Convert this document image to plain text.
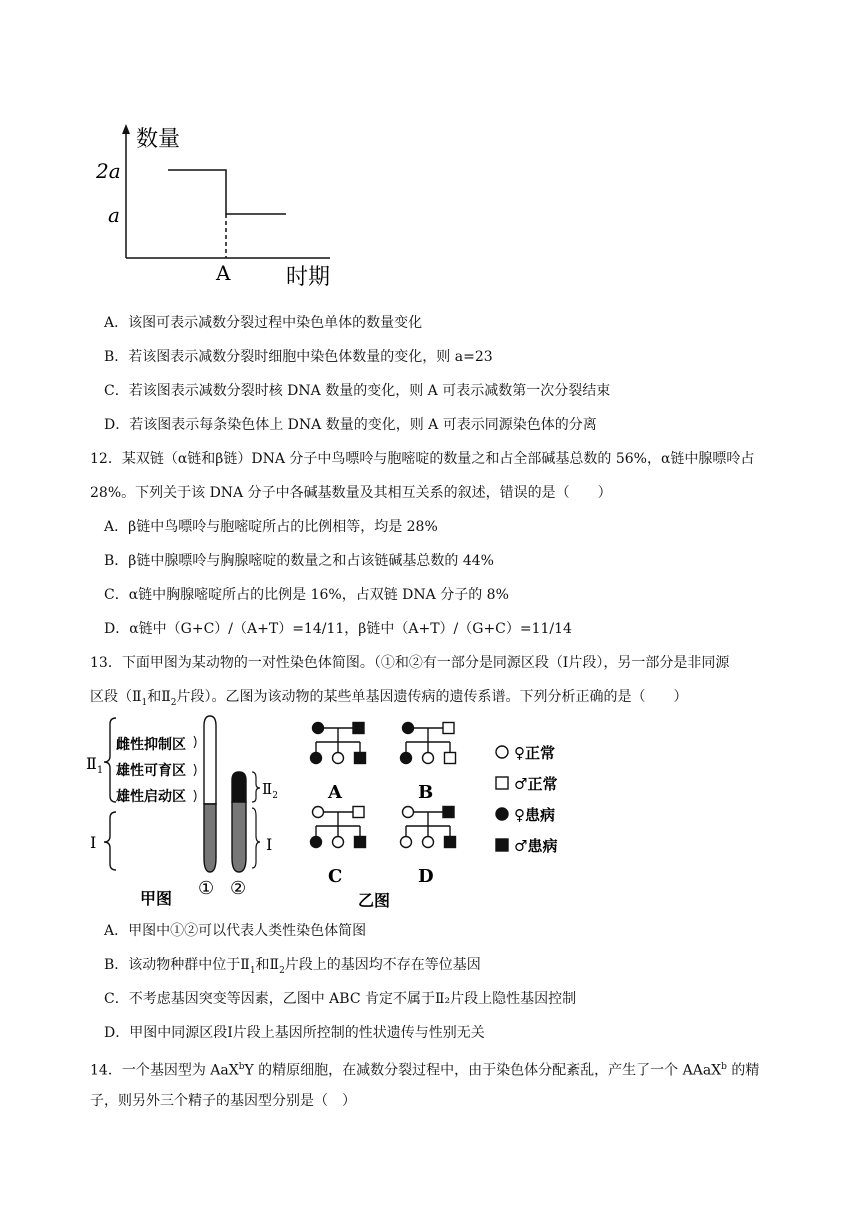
数量
2a
a
A	时期
A．该图可表示减数分裂过程中染色单体的数量变化
B．若该图表示减数分裂时细胞中染色体数量的变化，则 a=23
C．若该图表示减数分裂时核 DNA 数量的变化，则 A 可表示减数第一次分裂结束
D．若该图表示每条染色体上 DNA 数量的变化，则 A 可表示同源染色体的分离
12．某双链（α链和β链）DNA 分子中鸟嘌呤与胞嘧啶的数量之和占全部碱基总数的 56%，α链中腺嘌呤占
28%。下列关于该 DNA 分子中各碱基数量及其相互关系的叙述，错误的是（　　）
A．β链中鸟嘌呤与胞嘧啶所占的比例相等，均是 28%
B．β链中腺嘌呤与胸腺嘧啶的数量之和占该链碱基总数的 44%
C．α链中胸腺嘧啶所占的比例是 16%，占双链 DNA 分子的 8%
D．α链中（G+C）/（A+T）=14/11，β链中（A+T）/（G+C）=11/14
13．下面甲图为某动物的一对性染色体简图。（①和②有一部分是同源区段（Ⅰ片段），另一部分是非同源
区段（$Ⅱ_1$和$Ⅱ_2$片段）。乙图为该动物的某些单基因遗传病的遗传系谱。下列分析正确的是（　　）
$Ⅱ_1$
雌性抑制区
雄性可育区
雄性启动区
Ⅰ
$Ⅱ_2$
Ⅰ
① ②
甲图
A	B
C	D
♀正常
♂正常
♀患病
♂患病
乙图
A．甲图中①②可以代表人类性染色体简图
B．该动物种群中位于$Ⅱ_1$和$Ⅱ_2$片段上的基因均不存在等位基因
C．不考虑基因突变等因素，乙图中 ABC 肯定不属于Ⅱ₂片段上隐性基因控制
D．甲图中同源区段Ⅰ片段上基因所控制的性状遗传与性别无关
14．一个基因型为 AaX$^b$Y 的精原细胞，在减数分裂过程中，由于染色体分配紊乱，产生了一个 AAaX$^b$ 的精
子，则另外三个精子的基因型分别是（　）
